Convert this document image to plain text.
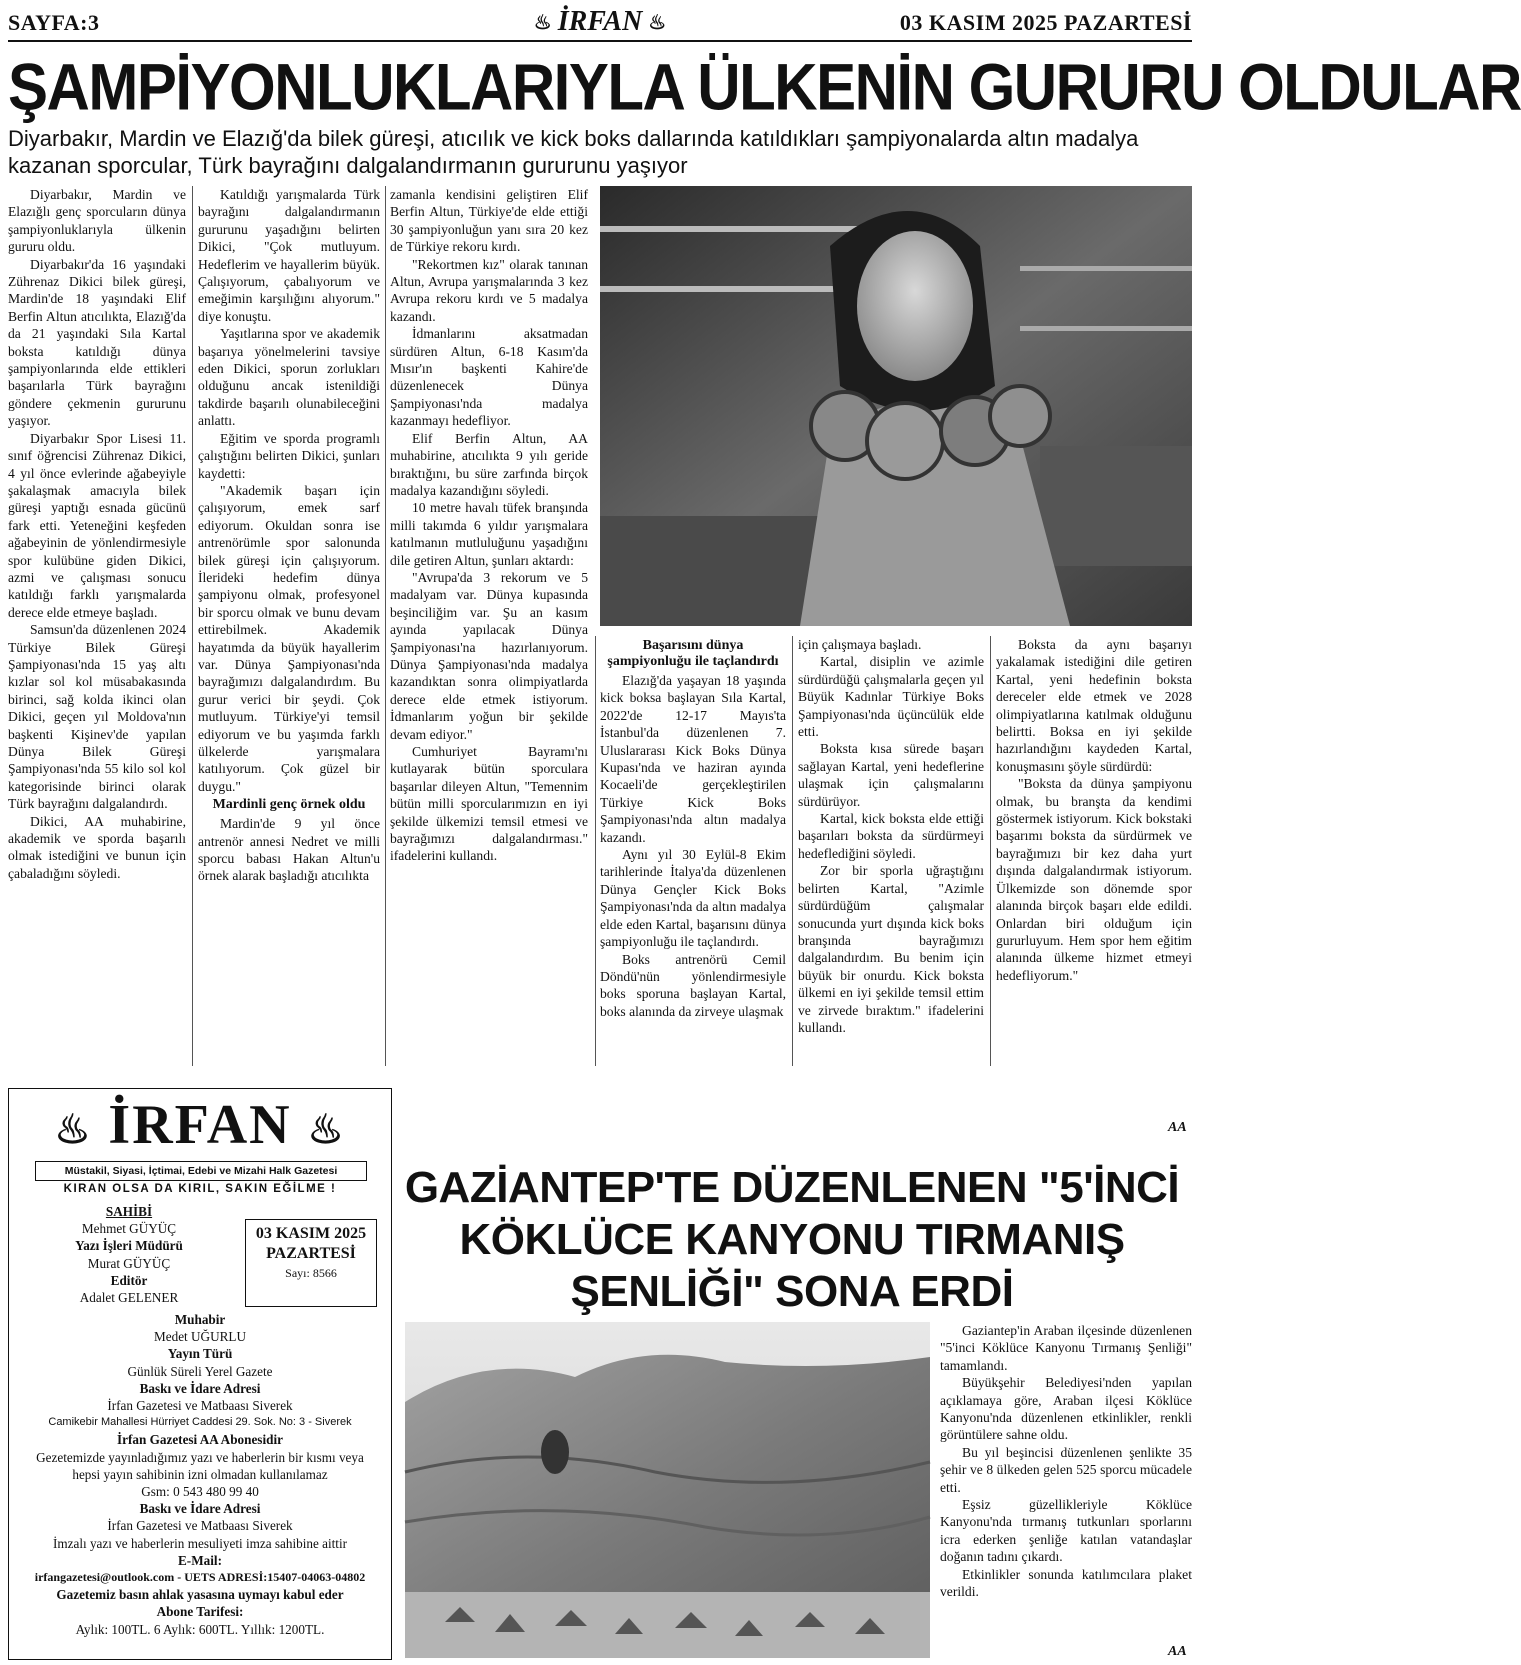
SAYFA:3	♨ İRFAN ♨	03 KASIM 2025 PAZARTESİ
ŞAMPİYONLUKLARIYLA ÜLKENİN GURURU OLDULAR
Diyarbakır, Mardin ve Elazığ'da bilek güreşi, atıcılık ve kick boks dallarında katıldıkları şampiyonalarda altın madalya kazanan sporcular, Türk bayrağını dalgalandırmanın gururunu yaşıyor

Diyarbakır, Mardin ve Elazığlı genç sporcuların dünya şampiyonluklarıyla ülkenin gururu oldu.

Diyarbakır'da 16 yaşındaki Zührenaz Dikici bilek güreşi, Mardin'de 18 yaşındaki Elif Berfin Altun atıcılıkta, Elazığ'da da 21 yaşındaki Sıla Kartal boksta katıldığı dünya şampiyonlarında elde ettikleri başarılarla Türk bayrağını göndere çekmenin gururunu yaşıyor.

Diyarbakır Spor Lisesi 11. sınıf öğrencisi Zührenaz Dikici, 4 yıl önce evlerinde ağabeyiyle şakalaşmak amacıyla bilek güreşi yaptığı esnada gücünü fark etti. Yeteneğini keşfeden ağabeyinin de yönlendirmesiyle spor kulübüne giden Dikici, azmi ve çalışması sonucu katıldığı farklı yarışmalarda derece elde etmeye başladı.

Samsun'da düzenlenen 2024 Türkiye Bilek Güreşi Şampiyonası'nda 15 yaş altı kızlar sol kol müsabakasında birinci, sağ kolda ikinci olan Dikici, geçen yıl Moldova'nın başkenti Kişinev'de yapılan Dünya Bilek Güreşi Şampiyonası'nda 55 kilo sol kol kategorisinde birinci olarak Türk bayrağını dalgalandırdı.

Dikici, AA muhabirine, akademik ve sporda başarılı olmak istediğini ve bunun için çabaladığını söyledi.

Katıldığı yarışmalarda Türk bayrağını dalgalandırmanın gururunu yaşadığını belirten Dikici, "Çok mutluyum. Hedeflerim ve hayallerim büyük. Çalışıyorum, çabalıyorum ve emeğimin karşılığını alıyorum." diye konuştu.

Yaşıtlarına spor ve akademik başarıya yönelmelerini tavsiye eden Dikici, sporun zorlukları olduğunu ancak istenildiği takdirde başarılı olunabileceğini anlattı.

Eğitim ve sporda programlı çalıştığını belirten Dikici, şunları kaydetti:

"Akademik başarı için çalışıyorum, emek sarf ediyorum. Okuldan sonra ise antrenörümle spor salonunda bilek güreşi için çalışıyorum. İlerideki hedefim dünya şampiyonu olmak, profesyonel bir sporcu olmak ve bunu devam ettirebilmek. Akademik hayatımda da büyük hayallerim var. Dünya Şampiyonası'nda bayrağımızı dalgalandırdım. Bu gurur verici bir şeydi. Çok mutluyum. Türkiye'yi temsil ediyorum ve bu yaşımda farklı ülkelerde yarışmalara katılıyorum. Çok güzel bir duygu."

Mardinli genç örnek oldu

Mardin'de 9 yıl önce antrenör annesi Nedret ve milli sporcu babası Hakan Altun'u örnek alarak başladığı atıcılıkta

zamanla kendisini geliştiren Elif Berfin Altun, Türkiye'de elde ettiği 30 şampiyonluğun yanı sıra 20 kez de Türkiye rekoru kırdı.

"Rekortmen kız" olarak tanınan Altun, Avrupa yarışmalarında 3 kez Avrupa rekoru kırdı ve 5 madalya kazandı.

İdmanlarını aksatmadan sürdüren Altun, 6-18 Kasım'da Mısır'ın başkenti Kahire'de düzenlenecek Dünya Şampiyonası'nda madalya kazanmayı hedefliyor.

Elif Berfin Altun, AA muhabirine, atıcılıkta 9 yılı geride bıraktığını, bu süre zarfında birçok madalya kazandığını söyledi.

10 metre havalı tüfek branşında milli takımda 6 yıldır yarışmalara katılmanın mutluluğunu yaşadığını dile getiren Altun, şunları aktardı:

"Avrupa'da 3 rekorum ve 5 madalyam var. Dünya kupasında beşinciliğim var. Şu an kasım ayında yapılacak Dünya Şampiyonası'na hazırlanıyorum. Dünya Şampiyonası'nda madalya kazandıktan sonra olimpiyatlarda derece elde etmek istiyorum. İdmanlarım yoğun bir şekilde devam ediyor."

Cumhuriyet Bayramı'nı kutlayarak bütün sporculara başarılar dileyen Altun, "Temennim bütün milli sporcularımızın en iyi şekilde ülkemizi temsil etmesi ve bayrağımızı dalgalandırması." ifadelerini kullandı.

Başarısını dünya şampiyonluğu ile taçlandırdı

Elazığ'da yaşayan 18 yaşında kick boksa başlayan Sıla Kartal, 2022'de 12-17 Mayıs'ta İstanbul'da düzenlenen 7. Uluslararası Kick Boks Dünya Kupası'nda ve haziran ayında Kocaeli'de gerçekleştirilen Türkiye Kick Boks Şampiyonası'nda altın madalya kazandı.

Aynı yıl 30 Eylül-8 Ekim tarihlerinde İtalya'da düzenlenen Dünya Gençler Kick Boks Şampiyonası'nda da altın madalya elde eden Kartal, başarısını dünya şampiyonluğu ile taçlandırdı.

Boks antrenörü Cemil Döndü'nün yönlendirmesiyle boks sporuna başlayan Kartal, boks alanında da zirveye ulaşmak

için çalışmaya başladı.

Kartal, disiplin ve azimle sürdürdüğü çalışmalarla geçen yıl Büyük Kadınlar Türkiye Boks Şampiyonası'nda üçüncülük elde etti.

Boksta kısa sürede başarı sağlayan Kartal, yeni hedeflerine ulaşmak için çalışmalarını sürdürüyor.

Kartal, kick boksta elde ettiği başarıları boksta da sürdürmeyi hedeflediğini söyledi.

Zor bir sporla uğraştığını belirten Kartal, "Azimle sürdürdüğüm çalışmalar sonucunda yurt dışında kick boks branşında bayrağımızı dalgalandırdım. Bu benim için büyük bir onurdu. Kick boksta ülkemi en iyi şekilde temsil ettim ve zirvede bıraktım." ifadelerini kullandı.

Boksta da aynı başarıyı yakalamak istediğini dile getiren Kartal, yeni hedefinin boksta dereceler elde etmek ve 2028 olimpiyatlarına katılmak olduğunu belirtti. Boksa en iyi şekilde hazırlandığını kaydeden Kartal, konuşmasını şöyle sürdürdü:

"Boksta da dünya şampiyonu olmak, bu branşta da kendimi göstermek istiyorum. Kick bokstaki başarımı boksta da sürdürmek ve bayrağımızı bir kez daha yurt dışında dalgalandırmak istiyorum. Ülkemizde son dönemde spor alanında birçok başarı elde edildi. Onlardan biri olduğum için gururluyum. Hem spor hem eğitim alanında ülkeme hizmet etmeyi hedefliyorum."

AA
♨ İRFAN ♨
Müstakil, Siyasi, İçtimai, Edebi ve Mizahi Halk Gazetesi
KIRAN OLSA DA KIRIL, SAKIN EĞİLME !
SAHİBİ
Mehmet GÜYÜÇ
Yazı İşleri Müdürü
Murat GÜYÜÇ
Editör
Adalet GELENER
03 KASIM 2025 PAZARTESİ
Sayı: 8566
Muhabir
Medet UĞURLU
Yayın Türü
Günlük Süreli Yerel Gazete
Baskı ve İdare Adresi
İrfan Gazetesi ve Matbaası Siverek
Camikebir Mahallesi Hürriyet Caddesi 29. Sok. No: 3 - Siverek
İrfan Gazetesi AA Abonesidir
Gezetemizde yayınladığımız yazı ve haberlerin bir kısmı veya hepsi yayın sahibinin izni olmadan kullanılamaz
Gsm: 0 543 480 99 40
Baskı ve İdare Adresi
İrfan Gazetesi ve Matbaası Siverek
İmzalı yazı ve haberlerin mesuliyeti imza sahibine aittir
E-Mail:
irfangazetesi@outlook.com - UETS ADRESİ:15407-04063-04802
Gazetemiz basın ahlak yasasına uymayı kabul eder
Abone Tarifesi:
Aylık: 100TL. 6 Aylık: 600TL. Yıllık: 1200TL.
GAZİANTEP'TE DÜZENLENEN "5'İNCİ KÖKLÜCE KANYONU TIRMANIŞ ŞENLİĞİ" SONA ERDİ

Gaziantep'in Araban ilçesinde düzenlenen "5'inci Köklüce Kanyonu Tırmanış Şenliği" tamamlandı.

Büyükşehir Belediyesi'nden yapılan açıklamaya göre, Araban ilçesi Köklüce Kanyonu'nda düzenlenen etkinlikler, renkli görüntülere sahne oldu.

Bu yıl beşincisi düzenlenen şenlikte 35 şehir ve 8 ülkeden gelen 525 sporcu mücadele etti.

Eşsiz güzellikleriyle Köklüce Kanyonu'nda tırmanış tutkunları sporlarını icra ederken şenliğe katılan vatandaşlar doğanın tadını çıkardı.

Etkinlikler sonunda katılımcılara plaket verildi.

AA
